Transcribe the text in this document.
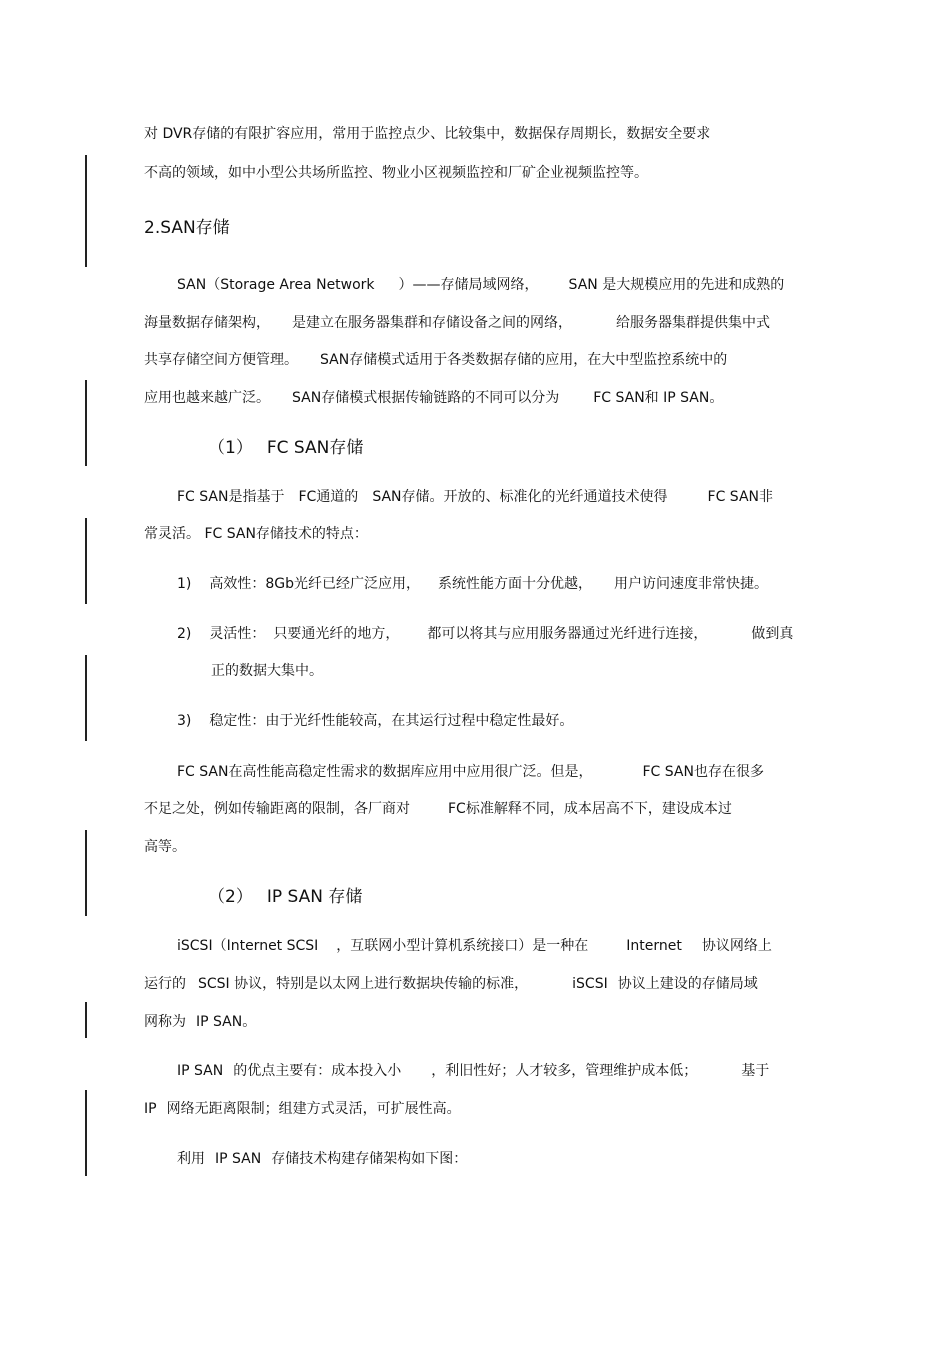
对 DVR存储的有限扩容应用，常用于监控点少、比较集中，数据保存周期长，数据安全要求
不高的领域，如中小型公共场所监控、物业小区视频监控和厂矿企业视频监控等。
2.SAN存储
SAN（Storage Area Network ）——存储局域网络， SAN 是大规模应用的先进和成熟的
海量数据存储架构， 是建立在服务器集群和存储设备之间的网络，	给服务器集群提供集中式
共享存储空间方便管理。 SAN存储模式适用于各类数据存储的应用，在大中型监控系统中的
应用也越来越广泛。 SAN存储模式根据传输链路的不同可以分为 FC SAN和 IP SAN。
（1） FC SAN存储
FC SAN是指基于 FC通道的 SAN存储。开放的、标准化的光纤通道技术使得	FC SAN非
常灵活。 FC SAN存储技术的特点：
1) 高效性：8Gb光纤已经广泛应用， 系统性能方面十分优越， 用户访问速度非常快捷。
2) 灵活性： 只要通光纤的地方， 都可以将其与应用服务器通过光纤进行连接，	做到真
正的数据大集中。
3) 稳定性：由于光纤性能较高，在其运行过程中稳定性最好。
FC SAN在高性能高稳定性需求的数据库应用中应用很广泛。但是，	FC SAN也存在很多
不足之处，例如传输距离的限制，各厂商对	FC标准解释不同，成本居高不下，建设成本过
高等。
（2） IP SAN 存储
iSCSI（Internet SCSI ，互联网小型计算机系统接口）是一种在	Internet 协议网络上
运行的 SCSI 协议，特别是以太网上进行数据块传输的标准，	iSCSI 协议上建设的存储局域
网称为 IP SAN。
IP SAN 的优点主要有：成本投入小 ，利旧性好；人才较多，管理维护成本低；	基于
IP 网络无距离限制；组建方式灵活，可扩展性高。
利用 IP SAN 存储技术构建存储架构如下图：
